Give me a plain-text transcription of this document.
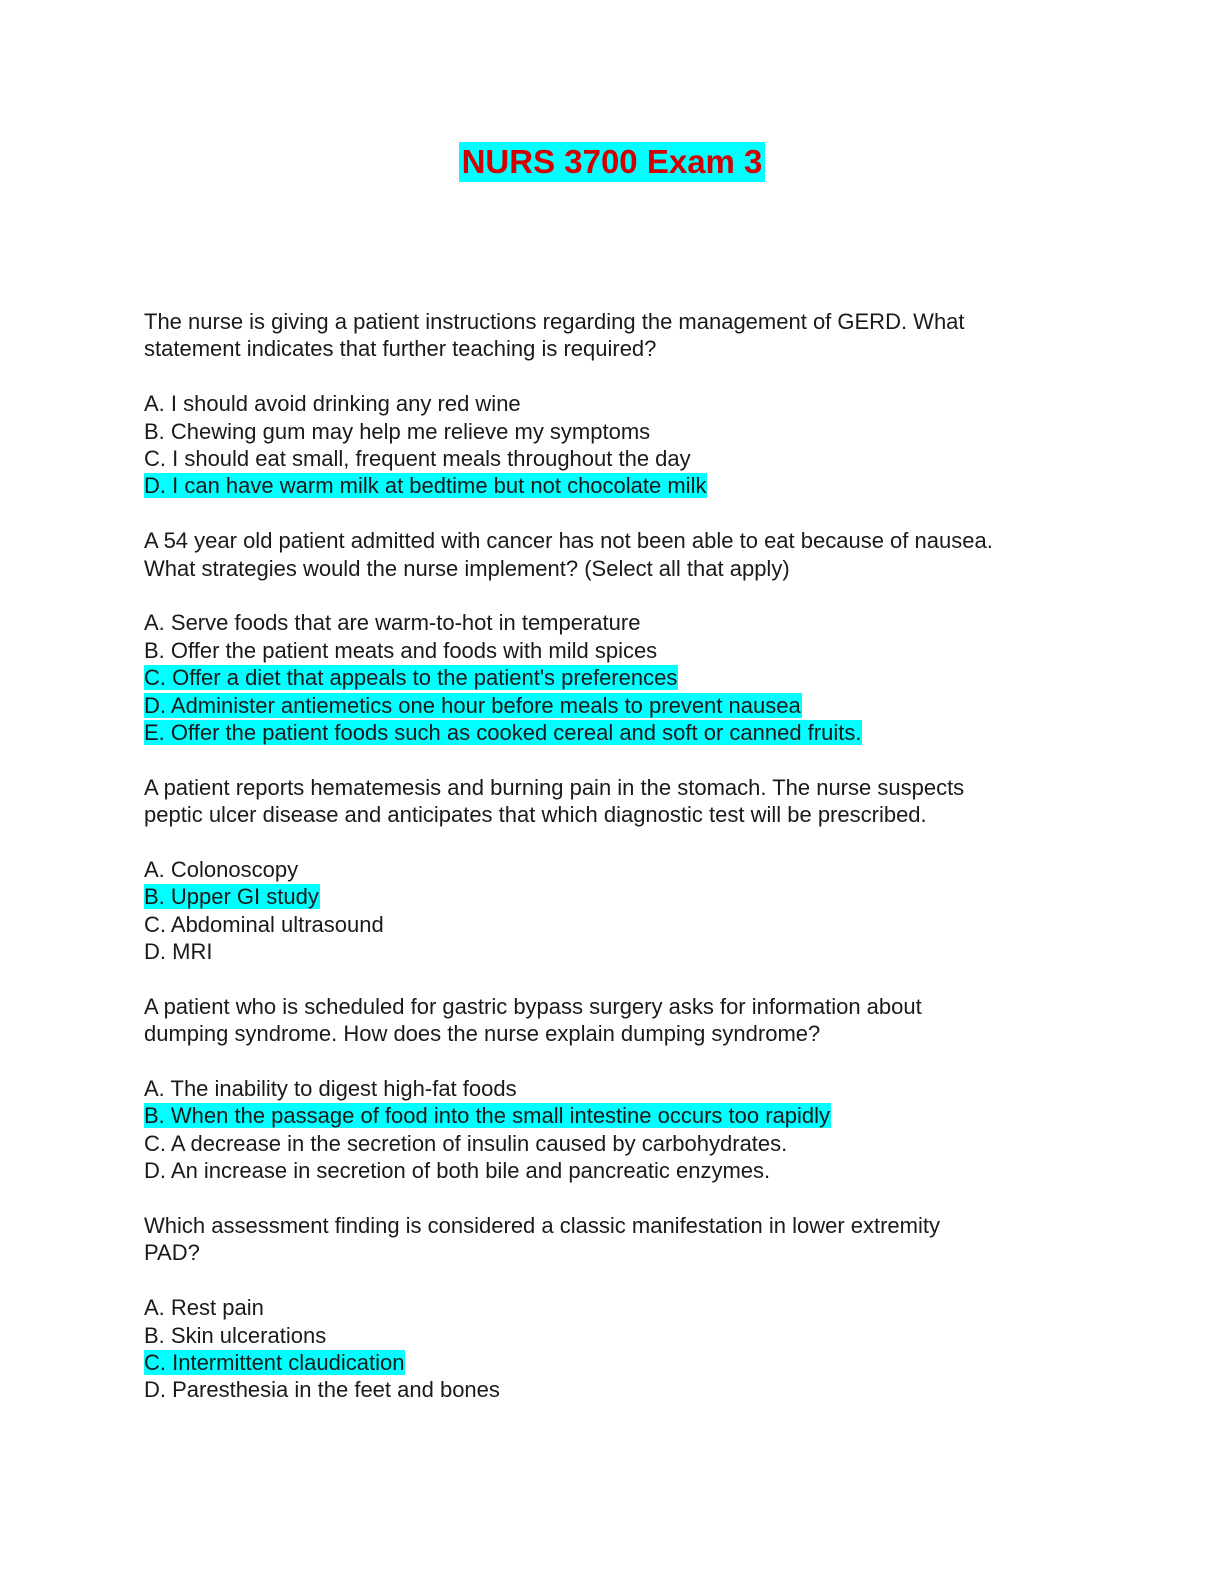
NURS 3700 Exam 3
The nurse is giving a patient instructions regarding the management of GERD. What
statement indicates that further teaching is required?
A. I should avoid drinking any red wine
B. Chewing gum may help me relieve my symptoms
C. I should eat small, frequent meals throughout the day
D. I can have warm milk at bedtime but not chocolate milk
A 54 year old patient admitted with cancer has not been able to eat because of nausea.
What strategies would the nurse implement? (Select all that apply)
A. Serve foods that are warm-to-hot in temperature
B. Offer the patient meats and foods with mild spices
C. Offer a diet that appeals to the patient's preferences
D. Administer antiemetics one hour before meals to prevent nausea
E. Offer the patient foods such as cooked cereal and soft or canned fruits.
A patient reports hematemesis and burning pain in the stomach. The nurse suspects
peptic ulcer disease and anticipates that which diagnostic test will be prescribed.
A. Colonoscopy
B. Upper GI study
C. Abdominal ultrasound
D. MRI
A patient who is scheduled for gastric bypass surgery asks for information about
dumping syndrome. How does the nurse explain dumping syndrome?
A. The inability to digest high-fat foods
B. When the passage of food into the small intestine occurs too rapidly
C. A decrease in the secretion of insulin caused by carbohydrates.
D. An increase in secretion of both bile and pancreatic enzymes.
Which assessment finding is considered a classic manifestation in lower extremity
PAD?
A. Rest pain
B. Skin ulcerations
C. Intermittent claudication
D. Paresthesia in the feet and bones
